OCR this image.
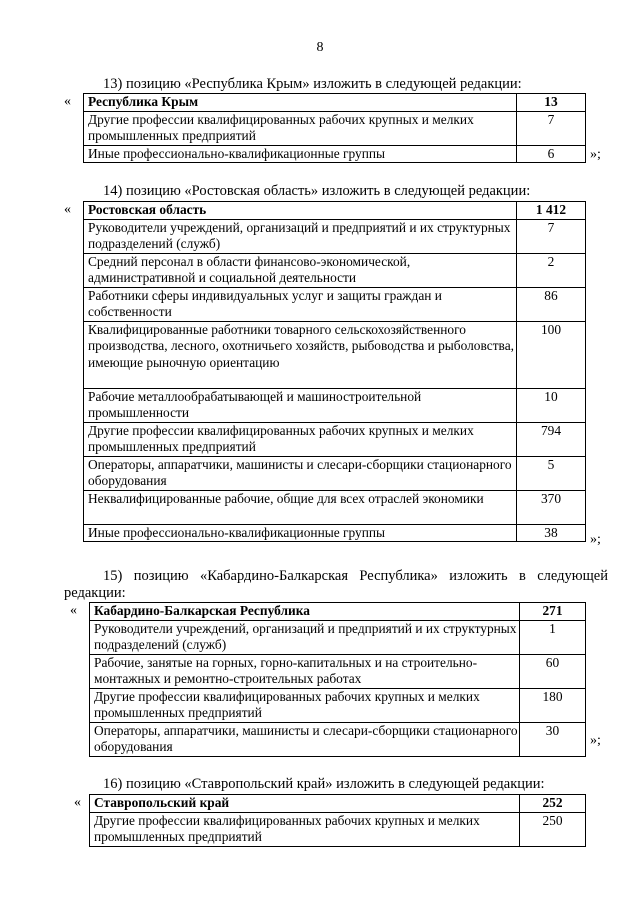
8
13) позицию «Республика Крым» изложить в следующей редакции:
« Республика Крым	13
Другие профессии квалифицированных рабочих крупных и мелких промышленных предприятий	7
Иные профессионально-квалификационные группы	6	»;
14) позицию «Ростовская область» изложить в следующей редакции:
« Ростовская область	1 412
Руководители учреждений, организаций и предприятий и их структурных подразделений (служб)	7
Средний персонал в области финансово-экономической, административной и социальной деятельности	2
Работники сферы индивидуальных услуг и защиты граждан и собственности	86
Квалифицированные работники товарного сельскохозяйственного производства, лесного, охотничьего хозяйств, рыбоводства и рыболовства, имеющие рыночную ориентацию	100
Рабочие металлообрабатывающей и машиностроительной промышленности	10
Другие профессии квалифицированных рабочих крупных и мелких промышленных предприятий	794
Операторы, аппаратчики, машинисты и слесари-сборщики стационарного оборудования	5
Неквалифицированные рабочие, общие для всех отраслей экономики	370
Иные профессионально-квалификационные группы	38 »;
15) позицию «Кабардино-Балкарская Республика» изложить в следующей
редакции:
« Кабардино-Балкарская Республика	271
Руководители учреждений, организаций и предприятий и их структурных подразделений (служб)	1
Рабочие, занятые на горных, горно-капитальных и на строительно-монтажных и ремонтно-строительных работах	60
Другие профессии квалифицированных рабочих крупных и мелких промышленных предприятий	180
Операторы, аппаратчики, машинисты и слесари-сборщики стационарного оборудования	30
»;
16) позицию «Ставропольский край» изложить в следующей редакции:
« Ставропольский край	252
Другие профессии квалифицированных рабочих крупных и мелких промышленных предприятий	250
